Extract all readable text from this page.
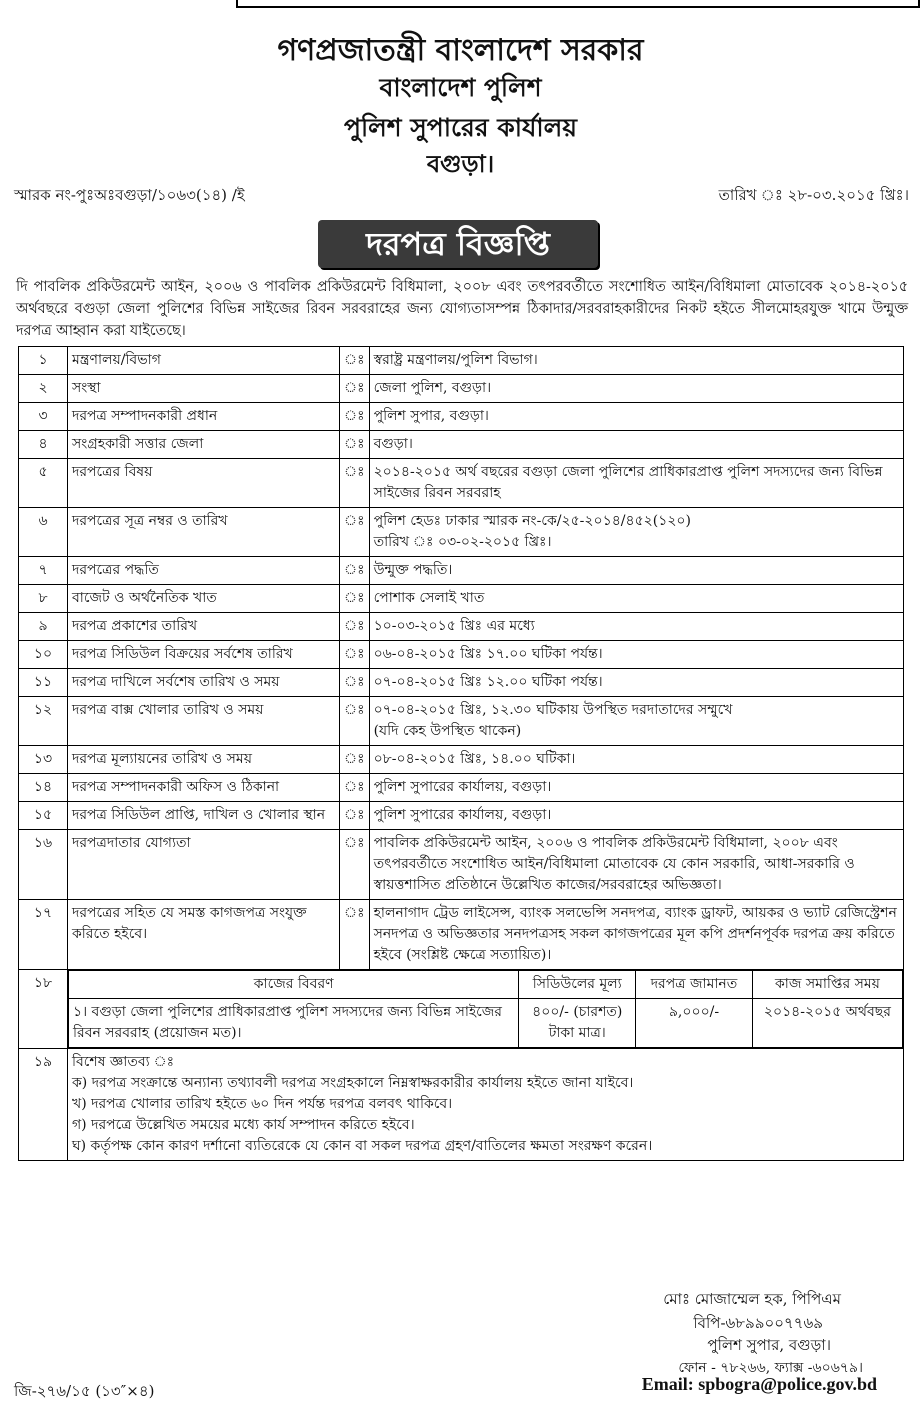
গণপ্রজাতন্ত্রী বাংলাদেশ সরকার
বাংলাদেশ পুলিশ
পুলিশ সুপারের কার্যালয়
বগুড়া।
স্মারক নং-পুঃঅঃবগুড়া/১০৬৩(১৪) /ই	তারিখ ঃ ২৮-০৩.২০১৫ খ্রিঃ।
দরপত্র বিজ্ঞপ্তি
দি পাবলিক প্রকিউরমেন্ট আইন, ২০০৬ ও পাবলিক প্রকিউরমেন্ট বিধিমালা, ২০০৮ এবং তৎপরবর্তীতে সংশোধিত আইন/বিধিমালা মোতাবেক ২০১৪-২০১৫ অর্থবছরে বগুড়া জেলা পুলিশের বিভিন্ন সাইজের রিবন সরবরাহের জন্য যোগ্যতাসম্পন্ন ঠিকাদার/সরবরাহকারীদের নিকট হইতে সীলমোহরযুক্ত খামে উন্মুক্ত দরপত্র আহ্বান করা যাইতেছে।
১	মন্ত্রণালয়/বিভাগ	ঃ	স্বরাষ্ট্র মন্ত্রণালয়/পুলিশ বিভাগ।

২	সংস্থা	ঃ	জেলা পুলিশ, বগুড়া।

৩	দরপত্র সম্পাদনকারী প্রধান	ঃ	পুলিশ সুপার, বগুড়া।

৪	সংগ্রহকারী সত্তার জেলা	ঃ	বগুড়া।

৫	দরপত্রের বিষয়	ঃ	২০১৪-২০১৫ অর্থ বছরের বগুড়া জেলা পুলিশের প্রাধিকারপ্রাপ্ত পুলিশ সদস্যদের জন্য বিভিন্ন সাইজের রিবন সরবরাহ

৬	দরপত্রের সূত্র নম্বর ও তারিখ	ঃ	পুলিশ হেডঃ ঢাকার স্মারক নং-কে/২৫-২০১৪/৪৫২(১২০)
তারিখ ঃ ০৩-০২-২০১৫ খ্রিঃ।

৭	দরপত্রের পদ্ধতি	ঃ	উন্মুক্ত পদ্ধতি।

৮	বাজেট ও অর্থনৈতিক খাত	ঃ	পোশাক সেলাই খাত

৯	দরপত্র প্রকাশের তারিখ	ঃ	১০-০৩-২০১৫ খ্রিঃ এর মধ্যে

১০	দরপত্র সিডিউল বিক্রয়ের সর্বশেষ তারিখ	ঃ	০৬-০৪-২০১৫ খ্রিঃ ১৭.০০ ঘটিকা পর্যন্ত।

১১	দরপত্র দাখিলে সর্বশেষ তারিখ ও সময়	ঃ	০৭-০৪-২০১৫ খ্রিঃ ১২.০০ ঘটিকা পর্যন্ত।

১২	দরপত্র বাক্স খোলার তারিখ ও সময়	ঃ	০৭-০৪-২০১৫ খ্রিঃ, ১২.৩০ ঘটিকায় উপস্থিত দরদাতাদের সম্মুখে
(যদি কেহ উপস্থিত থাকেন)

১৩	দরপত্র মূল্যায়নের তারিখ ও সময়	ঃ	০৮-০৪-২০১৫ খ্রিঃ, ১৪.০০ ঘটিকা।

১৪	দরপত্র সম্পাদনকারী অফিস ও ঠিকানা	ঃ	পুলিশ সুপারের কার্যালয়, বগুড়া।

১৫	দরপত্র সিডিউল প্রাপ্তি, দাখিল ও খোলার স্থান	ঃ	পুলিশ সুপারের কার্যালয়, বগুড়া।

১৬	দরপত্রদাতার যোগ্যতা	ঃ	পাবলিক প্রকিউরমেন্ট আইন, ২০০৬ ও পাবলিক প্রকিউরমেন্ট বিধিমালা, ২০০৮ এবং তৎপরবর্তীতে সংশোধিত আইন/বিধিমালা মোতাবেক যে কোন সরকারি, আধা-সরকারি ও স্বায়ত্তশাসিত প্রতিষ্ঠানে উল্লেখিত কাজের/সরবরাহের অভিজ্ঞতা।

১৭	দরপত্রের সহিত যে সমস্ত কাগজপত্র সংযুক্ত করিতে হইবে।	ঃ	হালনাগাদ ট্রেড লাইসেন্স, ব্যাংক সলভেন্সি সনদপত্র, ব্যাংক ড্রাফট, আয়কর ও ভ্যাট রেজিস্ট্রেশন সনদপত্র ও অভিজ্ঞতার সনদপত্রসহ সকল কাগজপত্রের মূল কপি প্রদর্শনপূর্বক দরপত্র ক্রয় করিতে হইবে (সংশ্লিষ্ট ক্ষেত্রে সত্যায়িত)।

১৮		কাজের বিবরণ	সিডিউলের মূল্য	দরপত্র জামানত	কাজ সমাপ্তির সময়
১। বগুড়া জেলা পুলিশের প্রাধিকারপ্রাপ্ত পুলিশ সদস্যদের জন্য বিভিন্ন সাইজের রিবন সরবরাহ (প্রয়োজন মত)।	৪০০/- (চারশত) টাকা মাত্র।	৯,০০০/-	২০১৪-২০১৫ অর্থবছর

১৯	বিশেষ জ্ঞাতব্য ঃ
ক) দরপত্র সংক্রান্তে অন্যান্য তথ্যাবলী দরপত্র সংগ্রহকালে নিম্নস্বাক্ষরকারীর কার্যালয় হইতে জানা যাইবে।
খ) দরপত্র খোলার তারিখ হইতে ৬০ দিন পর্যন্ত দরপত্র বলবৎ থাকিবে।
গ) দরপত্রে উল্লেখিত সময়ের মধ্যে কার্য সম্পাদন করিতে হইবে।
ঘ) কর্তৃপক্ষ কোন কারণ দর্শানো ব্যতিরেকে যে কোন বা সকল দরপত্র গ্রহণ/বাতিলের ক্ষমতা সংরক্ষণ করেন।
মোঃ মোজাম্মেল হক, পিপিএম
বিপি-৬৮৯৯০০৭৭৬৯
পুলিশ সুপার, বগুড়া।
ফোন - ৭৮২৬৬, ফ্যাক্স -৬০৬৭৯।
Email: spbogra@police.gov.bd
জি-২৭৬/১৫ (১৩″×৪)
